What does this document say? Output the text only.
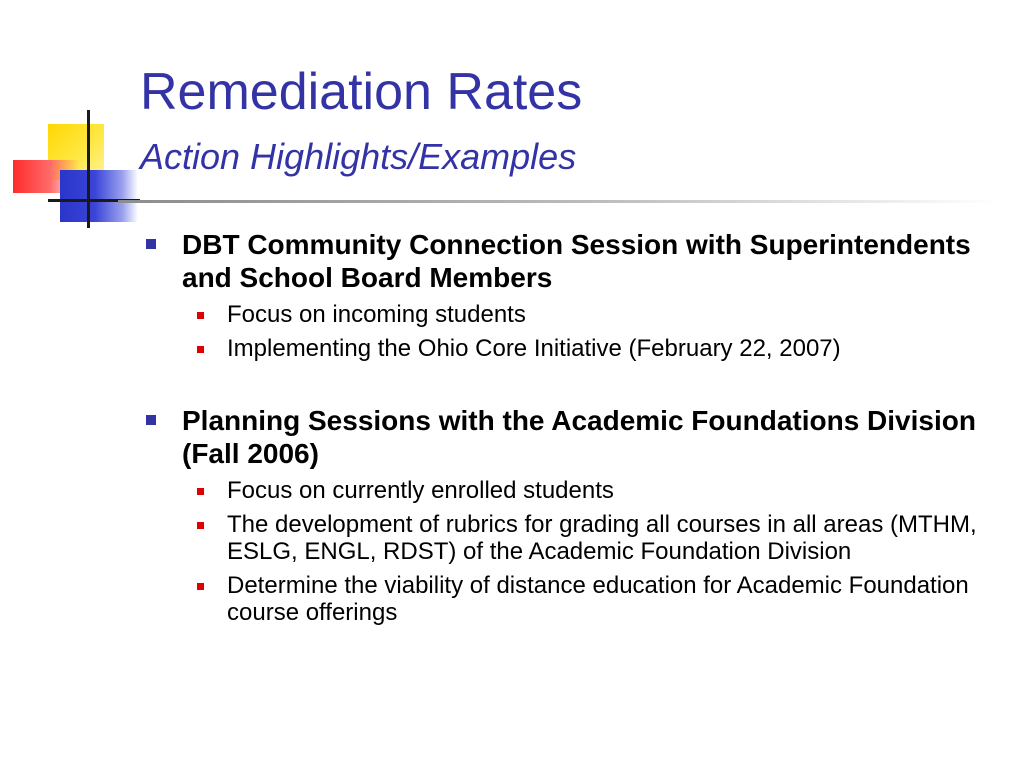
Remediation Rates
Action Highlights/Examples
DBT Community Connection Session with Superintendents and School Board Members
Focus on incoming students
Implementing the Ohio Core Initiative (February 22, 2007)
Planning Sessions with the Academic Foundations Division (Fall 2006)
Focus on currently enrolled students
The development of rubrics for grading all courses in all areas (MTHM, ESLG, ENGL, RDST) of the Academic Foundation Division
Determine the viability of distance education for Academic Foundation course offerings
